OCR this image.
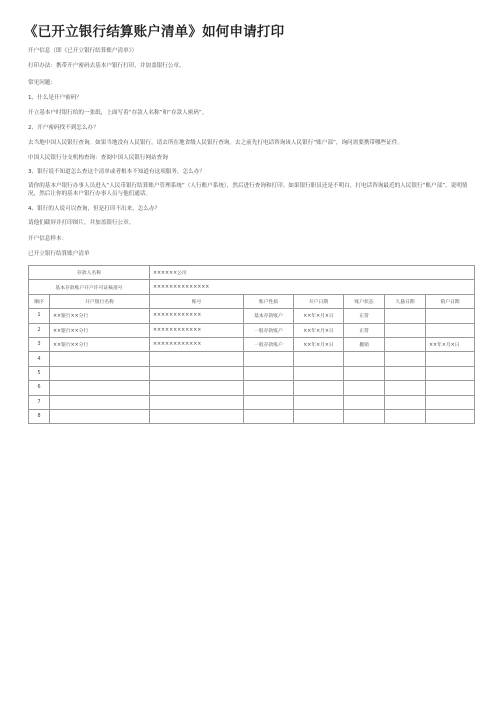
《已开立银行结算账户清单》如何申请打印
开户信息（即《已开立银行结算账户清单》）
打印办法：携带开户密码去基本户银行打印，并加盖银行公章。
常见问题：
1、什么是开户密码？
开立基本户时银行给的一张纸，上面写着“存款人名称”和“存款人密码”。
2、开户密码找不到怎么办？
去当地中国人民银行查询。如果当地没有人民银行，请去所在地省级人民银行查询。去之前先打电话咨询该人民银行“账户部”，询问需要携带哪些证件。
中国人民银行分支机构查询：查阅中国人民银行网站查询
3、银行说不知道怎么查这个清单或者根本不知道有这项服务，怎么办？
请你的基本户银行办事人员进入“人民币银行结算账户管理系统”（人行账户系统），然后进行查询和打印。如果银行职员还是不明白，打电话咨询最近的人民银行“账户部”，说明情况，然后让你的基本户银行办事人员与他们通话。
4、银行的人说可以查询，但是打印不出来，怎么办？
请他们截屏并打印图片，并加盖银行公章。
开户信息样本：
已开立银行结算账户清单
存款人名称		××××××公司					
基本存款账户开户许可证核准号		××××××××××××××					
顺序	开户银行名称	账号	账户性质	开户日期	账户状态	久悬日期	销户日期
1	××银行××分行	××××××××××××	基本存款账户	××年×月×日	正常		
2	××银行××分行	××××××××××××	一般存款账户	××年×月×日	正常		
3	××银行××分行	××××××××××××	一般存款账户	××年×月×日	撤销		××年×月×日
4							
5							
6							
7							
8							
